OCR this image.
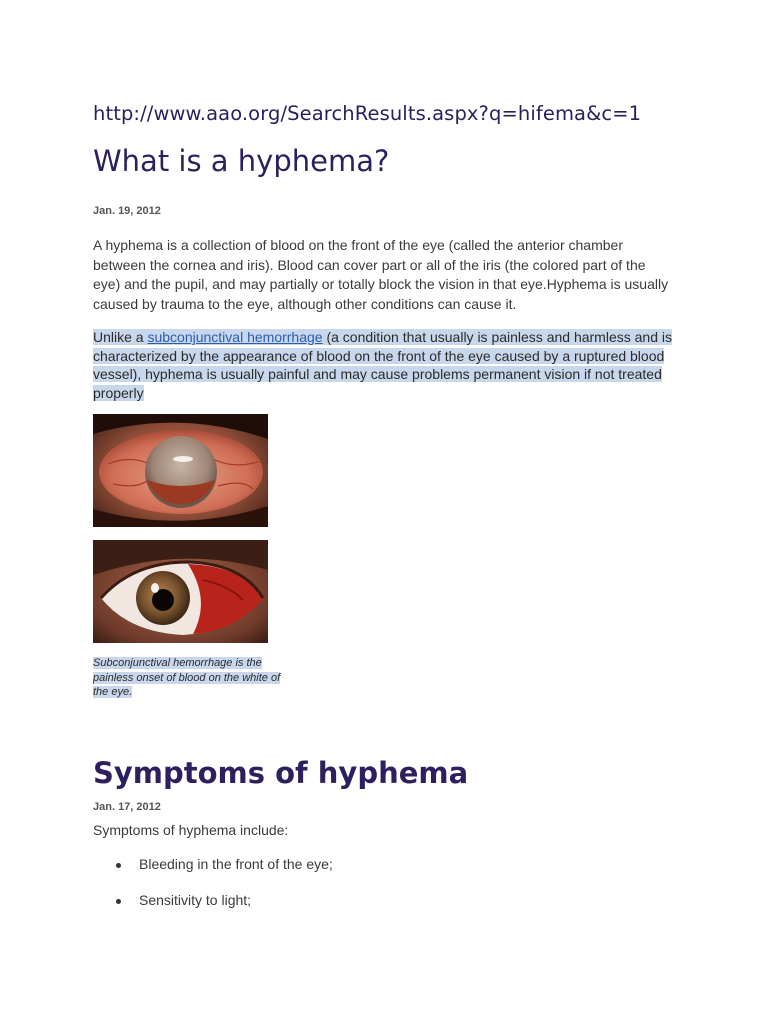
http://www.aao.org/SearchResults.aspx?q=hifema&c=1
What is a hyphema?
Jan. 19, 2012

A hyphema is a collection of blood on the front of the eye (called the anterior chamber between the cornea and iris). Blood can cover part or all of the iris (the colored part of the eye) and the pupil, and may partially or totally block the vision in that eye.Hyphema is usually caused by trauma to the eye, although other conditions can cause it.

Unlike a subconjunctival hemorrhage (a condition that usually is painless and harmless and is characterized by the appearance of blood on the front of the eye caused by a ruptured blood vessel), hyphema is usually painful and may cause problems permanent vision if not treated properly

Subconjunctival hemorrhage is the painless onset of blood on the white of the eye.

Symptoms of hyphema
Jan. 17, 2012
Symptoms of hyphema include:
Bleeding in the front of the eye;
Sensitivity to light;
